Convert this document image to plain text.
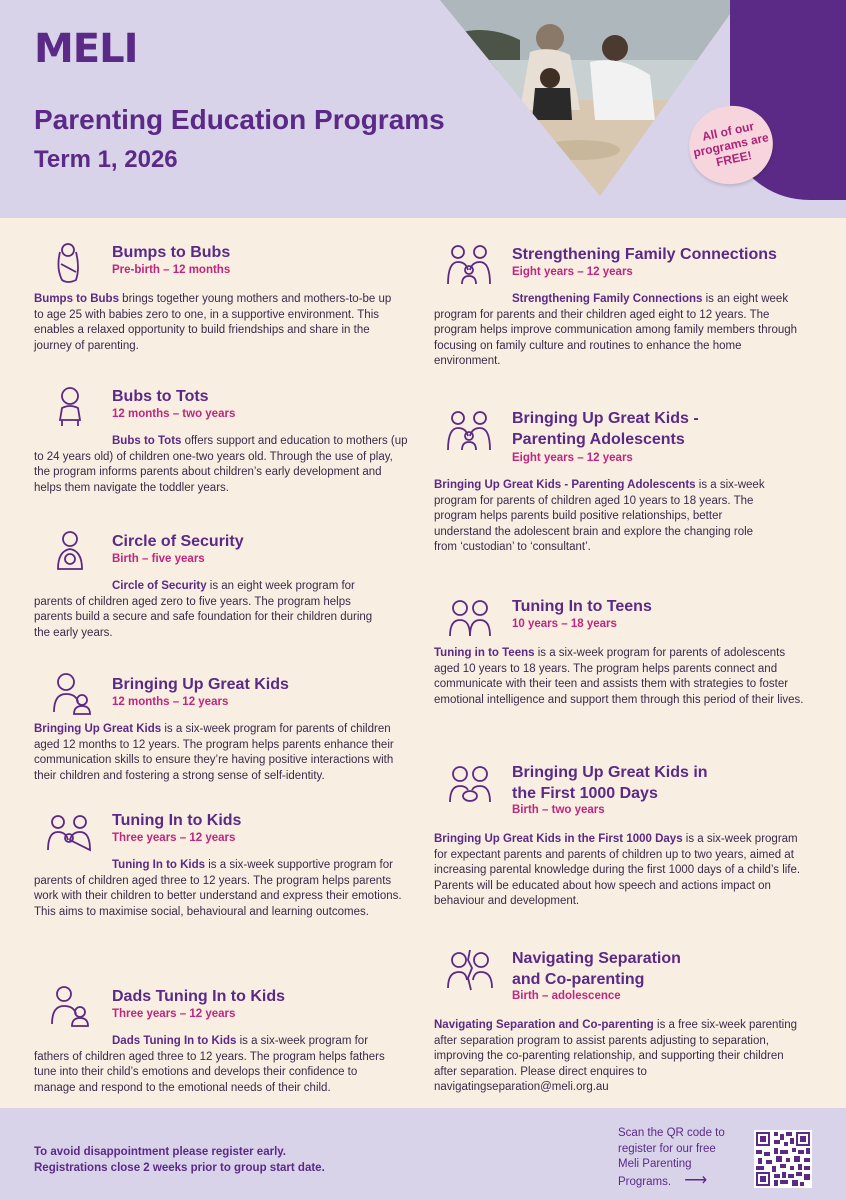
MELI
Parenting Education Programs
Term 1, 2026
All of our programs are FREE!
Bumps to Bubs
Pre-birth – 12 months
Bumps to Bubs brings together young mothers and mothers-to-be up to age 25 with babies zero to one, in a supportive environment. This enables a relaxed opportunity to build friendships and share in the journey of parenting.
Bubs to Tots
12 months – two years
Bubs to Tots offers support and education to mothers (up to 24 years old) of children one-two years old. Through the use of play, the program informs parents about children’s early development and helps them navigate the toddler years.
Circle of Security
Birth – five years
Circle of Security is an eight week program for parents of children aged zero to five years. The program helps parents build a secure and safe foundation for their children during the early years.
Bringing Up Great Kids
12 months – 12 years
Bringing Up Great Kids is a six-week program for parents of children aged 12 months to 12 years. The program helps parents enhance their communication skills to ensure they’re having positive interactions with their children and fostering a strong sense of self-identity.
Tuning In to Kids
Three years – 12 years
Tuning In to Kids is a six-week supportive program for parents of children aged three to 12 years. The program helps parents work with their children to better understand and express their emotions. This aims to maximise social, behavioural and learning outcomes.
Dads Tuning In to Kids
Three years – 12 years
Dads Tuning In to Kids is a six-week program for fathers of children aged three to 12 years. The program helps fathers tune into their child’s emotions and develops their confidence to manage and respond to the emotional needs of their child.
Strengthening Family Connections
Eight years – 12 years
Strengthening Family Connections is an eight week program for parents and their children aged eight to 12 years. The program helps improve communication among family members through focusing on family culture and routines to enhance the home environment.
Bringing Up Great Kids - Parenting Adolescents
Eight years – 12 years
Bringing Up Great Kids - Parenting Adolescents is a six-week program for parents of children aged 10 years to 18 years. The program helps parents build positive relationships, better understand the adolescent brain and explore the changing role from ‘custodian’ to ‘consultant’.
Tuning In to Teens
10 years – 18 years
Tuning in to Teens is a six-week program for parents of adolescents aged 10 years to 18 years. The program helps parents connect and communicate with their teen and assists them with strategies to foster emotional intelligence and support them through this period of their lives.
Bringing Up Great Kids in the First 1000 Days
Birth – two years
Bringing Up Great Kids in the First 1000 Days is a six-week program for expectant parents and parents of children up to two years, aimed at increasing parental knowledge during the first 1000 days of a child’s life. Parents will be educated about how speech and actions impact on behaviour and development.
Navigating Separation and Co-parenting
Birth – adolescence
Navigating Separation and Co-parenting is a free six-week parenting after separation program to assist parents adjusting to separation, improving the co-parenting relationship, and supporting their children after separation. Please direct enquires to navigatingseparation@meli.org.au
To avoid disappointment please register early.
Registrations close 2 weeks prior to group start date.
Scan the QR code to register for our free Meli Parenting Programs. ⟶
